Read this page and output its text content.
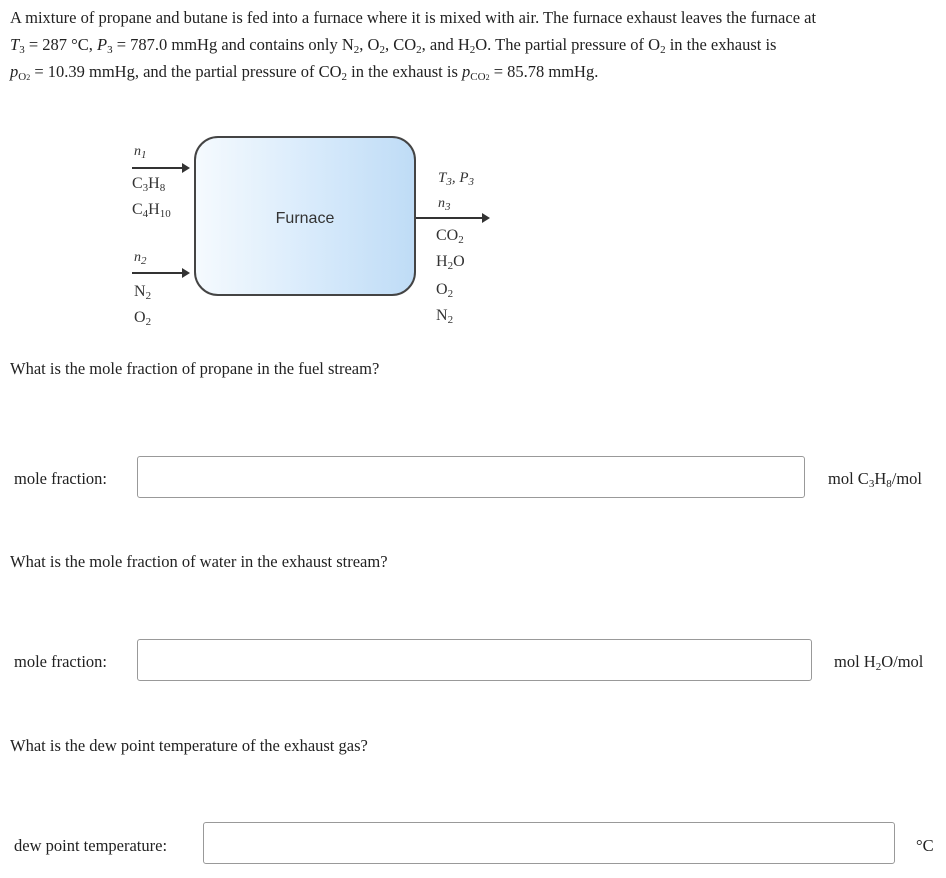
A mixture of propane and butane is fed into a furnace where it is mixed with air. The furnace exhaust leaves the furnace at

$T_3 = 287$ °C, $P_3 = 787.0$ mmHg and contains only $N_2$, $O_2$, $CO_2$, and $H_2O$. The partial pressure of $O_2$ in the exhaust is

$p_{O2} = 10.39$ mmHg, and the partial pressure of $CO_2$ in the exhaust is $p_{CO2} = 85.78$ mmHg.

$n_1$
$C_3H_8$
$C_4H_{10}$
$n_2$
$N_2$
$O_2$
Furnace
$T_3$, $P_3$
$n_3$
$CO_2$
$H_2O$
$O_2$
$N_2$
What is the mole fraction of propane in the fuel stream?
mole fraction:	mol $C_3H_8$/mol
What is the mole fraction of water in the exhaust stream?
mole fraction:	mol $H_2O$/mol
What is the dew point temperature of the exhaust gas?
dew point temperature:	°C
